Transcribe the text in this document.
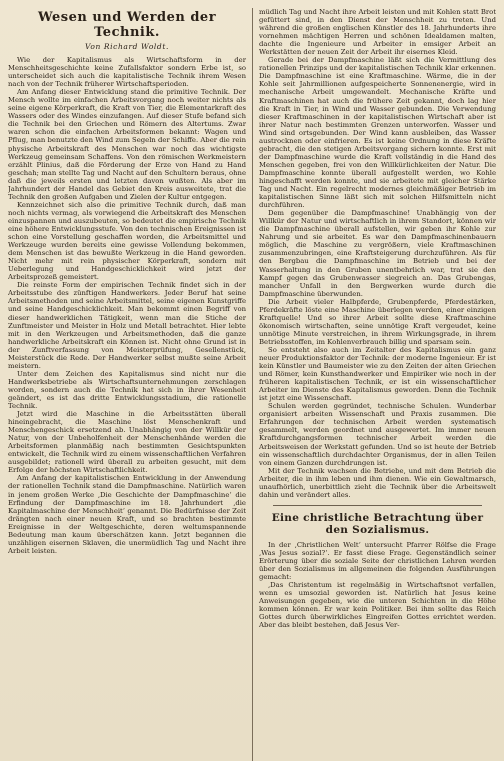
Wesen und Werden der Technik.
Von Richard Woldt.

Wie der Kapitalismus als Wirtschaftsform in der Menschheitsgeschichte keine Zufallsfaktor sondern Erbe ist, so unterscheidet sich auch die kapitalistische Technik ihrem Wesen nach von der Technik früherer Wirtschaftsperioden.

Am Anfang dieser Entwicklung stand die primitive Technik. Der Mensch wollte im einfachen Arbeitsvorgang noch weiter nichts als seine eigene Körperkraft, die Kraft von Tier, die Elementarkraft des Wassers oder des Windes einzufangen. Auf dieser Stufe befand sich die Technik bei den Griechen und Römern des Altertums. Zwar waren schon die einfachen Arbeitsformen bekannt: Wagen und Pflug, man benutzte den Wind zum Segeln der Schiffe. Aber die rein physische Arbeitskraft des Menschen war noch das wichtigste Werkzeug gemeinsam Schaffens. Von den römischen Werkmeistern erzählt Plinius, daß die Förderung der Erze von Hand zu Hand geschah; man stellte Tag und Nacht auf den Schultern beraus, ohne daß die jeweils ersten und letzten davon wußten. Als aber im Jahrhundert der Handel das Gebiet den Kreis ausweitete, trat die Technik den großen Aufgaben und Zielen der Kultur entgegen.

Kennzeichnet sich also die primitive Technik durch, daß man noch nichts vermag, als vorwiegend die Arbeitskraft des Menschen einzuspannen und auszubeuten, so bedeutet die empirische Technik eine höhere Entwicklungsstufe. Von den technischen Ereignissen ist schon eine Vorstellung geschaffen worden, die Arbeitsmittel und Werkzeuge wurden bereits eine gewisse Vollendung bekommen, dem Menschen ist das bewußte Werkzeug in die Hand geworden. Nicht mehr mit rein physischer Körperkraft, sondern mit Ueberlegung und Handgeschicklichkeit wird jetzt der Arbeitsprozeß gemeistert.

Die reinste Form der empirischen Technik findet sich in der Arbeitsstube des zünftigen Handwerkers. Jeder Beruf hat seine Arbeitsmethoden und seine Arbeitsmittel, seine eigenen Kunstgriffe und seine Handgeschicklichkeit. Man bekommt einen Begriff von dieser handwerklichen Tätigkeit, wenn man die Stiche der Zunftmeister und Meister in Holz und Metall betrachtet. Hier lebte mit in den Werkzeugen und Arbeitsmethoden, daß die ganze handwerkliche Arbeitskraft ein Können ist. Nicht ohne Grund ist in der Zunftverfassung von Meisterprüfung, Gesellenstück, Meisterstück die Rede. Der Handwerker selbst mußte seine Arbeit meistern.

Unter dem Zeichen des Kapitalismus sind nicht nur die Handwerksbetriebe als Wirtschaftsunternehmungen zerschlagen worden, sondern auch die Technik hat sich in ihrer Wesenheit geändert, es ist das dritte Entwicklungsstadium, die rationelle Technik.

Jetzt wird die Maschine in die Arbeitsstätten überall hineingebracht, die Maschine löst Menschenkraft und Menschengeschick ersetzend ab. Unabhängig von der Willkür der Natur, von der Unbeholfenheit der Menschenhände werden die Arbeitsformen planmäßig nach bestimmten Gesichtspunkten entwickelt, die Technik wird zu einem wissenschaftlichen Verfahren ausgebildet; rationell wird überall zu arbeiten gesucht, mit dem Erfolge der höchsten Wirtschaftlichkeit.

Am Anfang der kapitalistischen Entwicklung in der Anwendung der rationellen Technik stand die Dampfmaschine. Natürlich waren in jenem großen Werke ‚Die Geschichte der Dampfmaschine‘ die Erfindung der Dampfmaschine im 18. Jahrhundert ‚die Kapitalmaschine der Menschheit‘ genannt. Die Bedürfnisse der Zeit drängten nach einer neuen Kraft, und so brachten bestimmte Ereignisse in der Weltgeschichte, deren weltumspannende Bedeutung man kaum überschätzen kann. Jetzt begannen die unzähligen eisernen Sklaven, die unermüdlich Tag und Nacht ihre Arbeit leisten.

müdlich Tag und Nacht ihre Arbeit leisten und mit Kohlen statt Brot gefüttert sind, in den Dienst der Menschheit zu treten. Und während die großen englischen Künstler des 18. Jahrhunderts ihre vornehmen mächtigen Herren und schönen Idealdamen malten, dachte die Ingenieure und Arbeiter in emsiger Arbeit an Werkstätten der neuen Zeit der Arbeit ihr eisernes Kleid.

Gerade bei der Dampfmaschine läßt sich die Vermittlung des rationellen Prinzips und der kapitalistischen Technik klar erkennen. Die Dampfmaschine ist eine Kraftmaschine. Wärme, die in der Kohle seit Jahrmillionen aufgespeicherte Sonnenenergie, wird in mechanische Arbeit umgewandelt. Mechanische Kräfte und Kraftmaschinen hat auch die frühere Zeit gekannt, doch lag hier die Kraft in Tier, in Wind und Wasser gebunden. Die Verwendung dieser Kraftmaschinen in der kapitalistischen Wirtschaft aber ist ihrer Natur nach bestimmten Grenzen unterworfen. Wasser und Wind sind ortsgebunden. Der Wind kann ausbleiben, das Wasser austrocknen oder einfrieren. Es ist keine Ordnung in diese Kräfte gebracht, die den stetigen Arbeitsvorgang sichern konnte. Erst mit der Dampfmaschine wurde die Kraft vollständig in die Hand des Menschen gegeben, frei von den Willkürlichkeiten der Natur. Die Dampfmaschine konnte überall aufgestellt werden, wo Kohle hingeschafft werden konnte, und sie arbeitete mit gleicher Stärke Tag und Nacht. Ein regelrecht modernes gleichmäßiger Betrieb im kapitalistischen Sinne läßt sich mit solchen Hilfsmitteln nicht durchführen.

Dem gegenüber die Dampfmaschine! Unabhängig von der Willkür der Natur und wirtschaftlich in ihrem Standort, können wir die Dampfmaschine überall aufstellen, wir geben ihr Kohle zur Nahrung und sie arbeitet. Es war den Dampfmaschinenbauern möglich, die Maschine zu vergrößern, viele Kraftmaschinen zusammenzubringen, eine Kraftsteigerung durchzuführen. Als für den Bergbau die Dampfmaschine im Betrieb und bei der Wasserhaltung in den Gruben unentbehrlich war, trat sie den Kampf gegen das Grubenwasser siegreich an. Das Grubengas, mancher Unfall in den Bergwerken wurde durch die Dampfmaschine überwunden.

Die Arbeit vieler Halbpferde, Grubenpferde, Pferdestärken, Pferdekräfte löste eine Maschine überlegen werden, einer einzigen Kraftquelle! Und so ihrer Arbeit sollte diese Kraftmaschine ökonomisch wirtschaften, seine unnötige Kraft vergeudet, keine unnötige Minute verstreichen, in ihrem Wirkungsgrade, in ihrem Betriebsstoffen, im Kohlenverbrauch billig und sparsam sein.

So entsteht also auch im Zeitalter des Kapitalismus ein ganz neuer Produktionsfaktor der Technik: der moderne Ingenieur. Er ist kein Künstler und Baumeister wie zu den Zeiten der alten Griechen und Römer, kein Kunsthandwerker und Empiriker wie noch in der früheren kapitalistischen Technik, er ist ein wissenschaftlicher Arbeiter im Dienste des Kapitalismus geworden. Denn die Technik ist jetzt eine Wissenschaft.

Schulen werden gegründet, technische Schulen. Wunderbar organisiert arbeiten Wissenschaft und Praxis zusammen. Die Erfahrungen der technischen Arbeit werden systematisch gesammelt, werden geordnet und ausgewertet. Im immer neuen Kraftdurchgangsformen technischer Arbeit werden die Arbeitsweisen der Werkstatt gefunden. Und so ist heute der Betrieb ein wissenschaftlich durchdachter Organismus, der in allen Teilen von einem Ganzen durchdrungen ist.

Mit der Technik wachsen die Betriebe, und mit dem Betrieb die Arbeiter, die in ihm leben und ihm dienen. Wie ein Gewaltmarsch, unaufhörlich, unerbittlich zieht die Technik über die Arbeitswelt dahin und verändert alles.

Eine christliche Betrachtung über den Sozialismus.

In der ‚Christlichen Welt‘ untersucht Pfarrer Rölfse die Frage ‚Was Jesus sozial?‘. Er fasst diese Frage. Gegenständlich seiner Erörterung über die soziale Seite der christlichen Lehren werden über den Sozialismus im allgemeinen die folgenden Ausführungen gemacht:

‚Das Christentum ist regelmäßig in Wirtschaftsnot verfallen, wenn es umsozial geworden ist. Natürlich hat Jesus keine Anweisungen gegeben, wie die unteren Schichten in die Höhe kommen können. Er war kein Politiker. Bei ihm sollte das Reich Gottes durch überwirkliches Eingreifen Gottes errichtet werden. Aber das bleibt bestehen, daß Jesus Ver-
